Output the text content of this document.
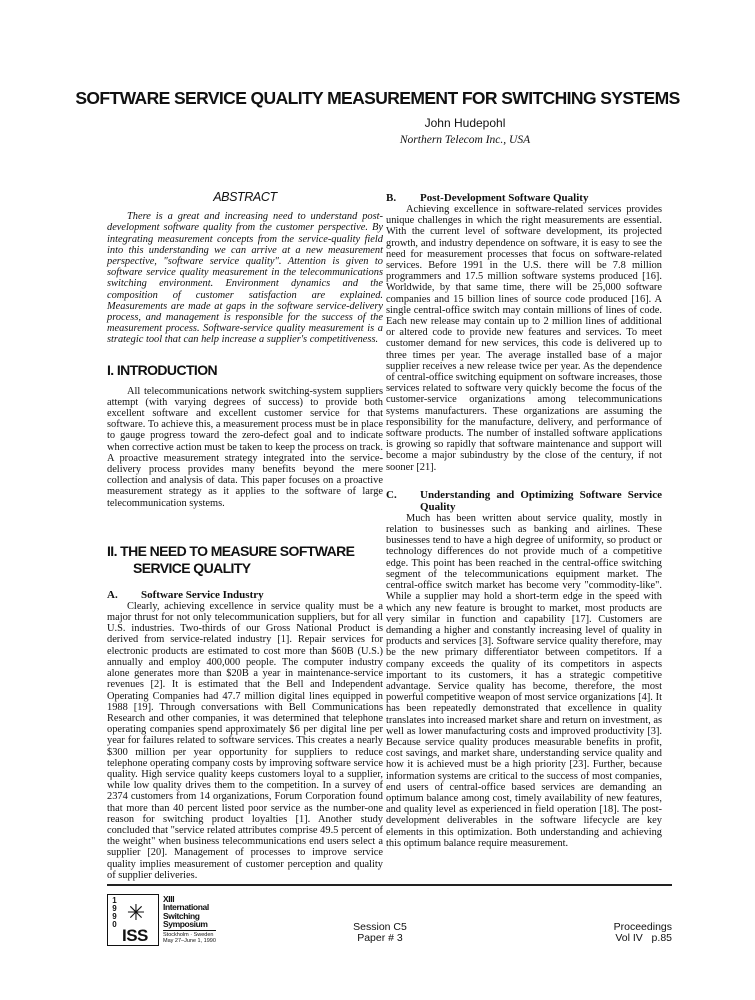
SOFTWARE SERVICE QUALITY MEASUREMENT FOR SWITCHING SYSTEMS
John Hudepohl
Northern Telecom Inc., USA
ABSTRACT

There is a great and increasing need to understand post-development software quality from the customer perspective. By integrating measurement concepts from the service-quality field into this understanding we can arrive at a new measurement perspective, "software service quality". Attention is given to software service quality measurement in the telecommunications switching environment. Environment dynamics and the composition of customer satisfaction are explained. Measurements are made at gaps in the software service-delivery process, and management is responsible for the success of the measurement process. Software-service quality measurement is a strategic tool that can help increase a supplier's competitiveness.

I. INTRODUCTION

All telecommunications network switching-system suppliers attempt (with varying degrees of success) to provide both excellent software and excellent customer service for that software. To achieve this, a measurement process must be in place to gauge progress toward the zero-defect goal and to indicate when corrective action must be taken to keep the process on track. A proactive measurement strategy integrated into the service-delivery process provides many benefits beyond the mere collection and analysis of data. This paper focuses on a proactive measurement strategy as it applies to the software of large telecommunication systems.

II. THE NEED TO MEASURE SOFTWARE
SERVICE QUALITY
A.	Software Service Industry

Clearly, achieving excellence in service quality must be a major thrust for not only telecommunication suppliers, but for all U.S. industries. Two-thirds of our Gross National Product is derived from service-related industry [1]. Repair services for electronic products are estimated to cost more than $60B (U.S.) annually and employ 400,000 people. The computer industry alone generates more than $20B a year in maintenance-service revenues [2]. It is estimated that the Bell and Independent Operating Companies had 47.7 million digital lines equipped in 1988 [19]. Through conversations with Bell Communications Research and other companies, it was determined that telephone operating companies spend approximately $6 per digital line per year for failures related to software services. This creates a nearly $300 million per year opportunity for suppliers to reduce telephone operating company costs by improving software service quality. High service quality keeps customers loyal to a supplier, while low quality drives them to the competition. In a survey of 2374 customers from 14 organizations, Forum Corporation found that more than 40 percent listed poor service as the number-one reason for switching product loyalties [1]. Another study concluded that "service related attributes comprise 49.5 percent of the weight" when business telecommunications end users select a supplier [20]. Management of processes to improve service quality implies measurement of customer perception and quality of supplier deliveries.

B.	Post-Development Software Quality

Achieving excellence in software-related services provides unique challenges in which the right measurements are essential. With the current level of software development, its projected growth, and industry dependence on software, it is easy to see the need for measurement processes that focus on software-related services. Before 1991 in the U.S. there will be 7.8 million programmers and 17.5 million software systems produced [16]. Worldwide, by that same time, there will be 25,000 software companies and 15 billion lines of source code produced [16]. A single central-office switch may contain millions of lines of code. Each new release may contain up to 2 million lines of additional or altered code to provide new features and services. To meet customer demand for new services, this code is delivered up to three times per year. The average installed base of a major supplier receives a new release twice per year. As the dependence of central-office switching equipment on software increases, those services related to software very quickly become the focus of the customer-service organizations among telecommunications systems manufacturers. These organizations are assuming the responsibility for the manufacture, delivery, and performance of software products. The number of installed software applications is growing so rapidly that software maintenance and support will become a major subindustry by the close of the century, if not sooner [21].

C.	Understanding and Optimizing Software Service Quality

Much has been written about service quality, mostly in relation to businesses such as banking and airlines. These businesses tend to have a high degree of uniformity, so product or technology differences do not provide much of a competitive edge. This point has been reached in the central-office switching segment of the telecommunications equipment market. The central-office switch market has become very "commodity-like". While a supplier may hold a short-term edge in the speed with which any new feature is brought to market, most products are very similar in function and capability [17]. Customers are demanding a higher and constantly increasing level of quality in products and services [3]. Software service quality therefore, may be the new primary differentiator between competitors. If a company exceeds the quality of its competitors in aspects important to its customers, it has a strategic competitive advantage. Service quality has become, therefore, the most powerful competitive weapon of most service organizations [4]. It has been repeatedly demonstrated that excellence in quality translates into increased market share and return on investment, as well as lower manufacturing costs and improved productivity [3]. Because service quality produces measurable benefits in profit, cost savings, and market share, understanding service quality and how it is achieved must be a high priority [23]. Further, because information systems are critical to the success of most companies, end users of central-office based services are demanding an optimum balance among cost, timely availability of new features, and quality level as experienced in field operation [18]. The post-development deliverables in the software lifecycle are key elements in this optimization. Both understanding and achieving this optimum balance require measurement.

1
9
9
0 ✳
ISS
XIII
International
Switching
Symposium
Stockholm · Sweden
May 27–June 1, 1990
Session C5
Paper # 3
Proceedings
Vol IV   p.85
